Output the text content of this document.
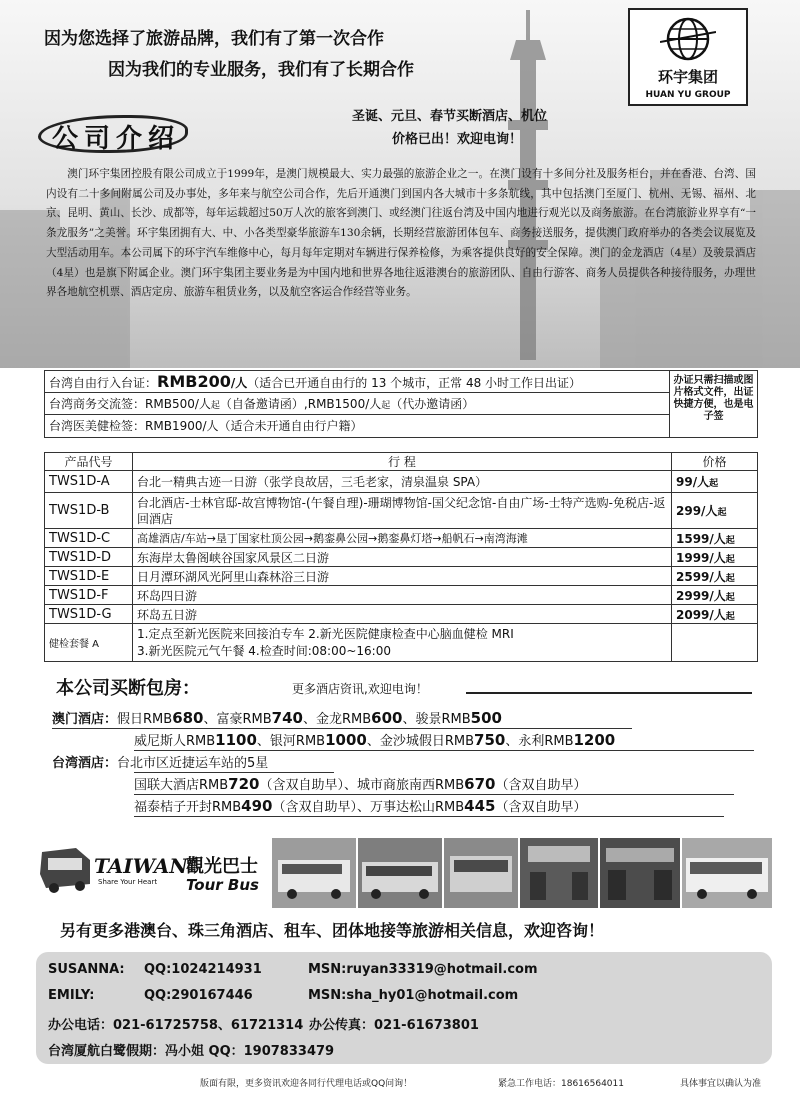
因为您选择了旅游品牌，我们有了第一次合作
因为我们的专业服务，我们有了长期合作	环宇集团
HUAN YU GROUP
圣诞、元旦、春节买断酒店、机位
价格已出！欢迎电询！
公司介绍

澳门环宇集团控股有限公司成立于1999年，是澳门规模最大、实力最强的旅游企业之一。在澳门设有十多间分社及服务柜台，并在香港、台湾、国内设有二十多间附属公司及办事处，多年来与航空公司合作，先后开通澳门到国内各大城市十多条航线，其中包括澳门至厦门、杭州、无锡、福州、北京、昆明、黄山、长沙、成都等，每年运载超过50万人次的旅客到澳门、或经澳门往返台湾及中国内地进行观光以及商务旅游。在台湾旅游业界享有“一条龙服务”之美誉。环宇集团拥有大、中、小各类型豪华旅游车130余辆，长期经营旅游团体包车、商务接送服务，提供澳门政府举办的各类会议展览及大型活动用车。本公司属下的环宇汽车维修中心，每月每年定期对车辆进行保养检修，为乘客提供良好的安全保障。澳门的金龙酒店（4星）及骏景酒店（4星）也是旗下附属企业。澳门环宇集团主要业务是为中国内地和世界各地往返港澳台的旅游团队、自由行游客、商务人员提供各种接待服务，办理世界各地航空机票、酒店定房、旅游车租赁业务，以及航空客运合作经营等业务。

台湾自由行入台证：RMB200/人（适合已开通自由行的 13 个城市，正常 48 小时工作日出证）
台湾商务交流签：RMB500/人起（自备邀请函）,RMB1500/人起（代办邀请函）
台湾医美健检签：RMB1900/人（适合未开通自由行户籍）
办证只需扫描或图片格式文件，出证快捷方便，也是电子签
产品代号	行 程	价格
TWS1D-A	台北一精典古迹一日游（张学良故居，三毛老家，清泉温泉 SPA）	99/人起
TWS1D-B	台北酒店-士林官邸-故宫博物馆-(午餐自理)-珊瑚博物馆-国父纪念馆-自由广场-士特产选购-免税店-返回酒店	299/人起
TWS1D-C	高雄酒店/车站→垦丁国家杜顶公园→鹅銮鼻公园→鹅銮鼻灯塔→船帆石→南湾海滩	1599/人起
TWS1D-D	东海岸太鲁阁峡谷国家风景区二日游	1999/人起
TWS1D-E	日月潭环湖风光阿里山森林浴三日游	2599/人起
TWS1D-F	环岛四日游	2999/人起
TWS1D-G	环岛五日游	2099/人起
健检套餐 A	1.定点至新光医院来回接泊专车 2.新光医院健康检查中心脑血健检 MRI
3.新光医院元气午餐 4.检查时间:08:00~16:00	

本公司买断包房：	更多酒店资讯,欢迎电询！
澳门酒店：假日RMB680、富豪RMB740、金龙RMB600、骏景RMB500
威尼斯人RMB1100、银河RMB1000、金沙城假日RMB750、永利RMB1200
台湾酒店：台北市区近捷运车站的5星
国联大酒店RMB720（含双自助早）、城市商旅南西RMB670（含双自助早）
福泰桔子开封RMB490（含双自助早）、万事达松山RMB445（含双自助早）
TAIWAN
Share Your Heart
觀光巴士
Tour Bus
另有更多港澳台、珠三角酒店、租车、团体地接等旅游相关信息，欢迎咨询！
SUSANNA: QQ:1024214931	MSN:ruyan33319@hotmail.com
EMILY:	QQ:290167446	MSN:sha_hy01@hotmail.com
办公电话：021-61725758、61721314 办公传真：021-61673801
台湾厦航白鹭假期：冯小姐 QQ：1907833479
版面有限，更多资讯欢迎各同行代理电话或QQ问询！	紧急工作电话：18616564011	具体事宜以确认为准
